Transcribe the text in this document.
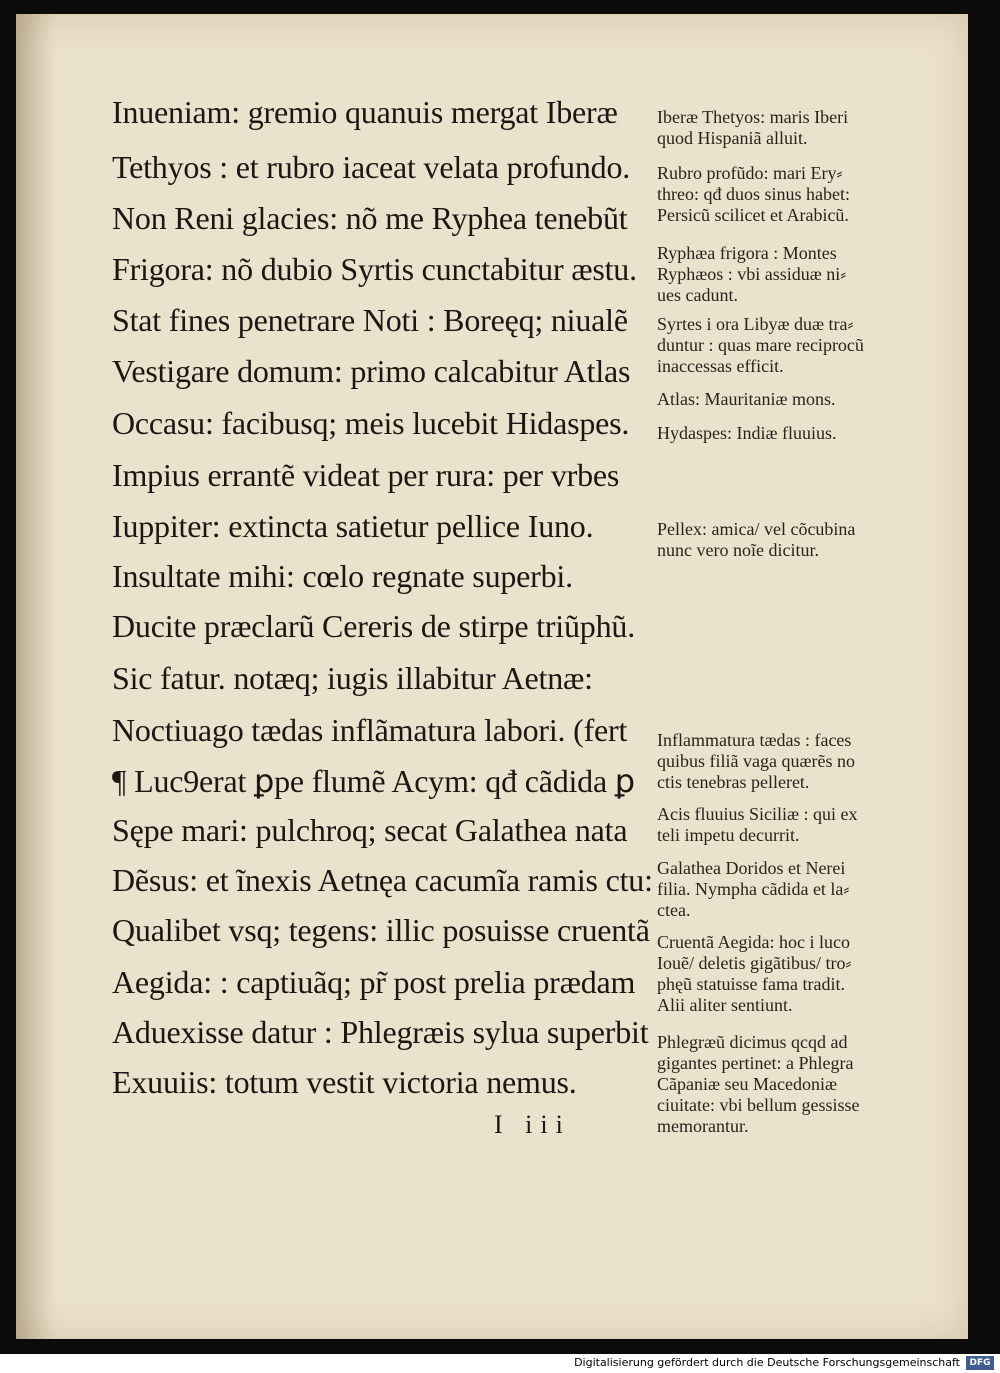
Inueniam: gremio quanuis mergat Iberæ
Tethyos : et rubro iaceat velata profundo.
Non Reni glacies: nõ me Ryphea tenebũt
Frigora: nõ dubio Syrtis cunctabitur æstu.
Stat fines penetrare Noti : Boreęq; niualẽ
Vestigare domum: primo calcabitur Atlas
Occasu: facibusq; meis lucebit Hidaspes.
Impius errantẽ videat per rura: per vrbes
Iuppiter: extincta satietur pellice Iuno.
Insultate mihi: cœlo regnate superbi.
Ducite præclarũ Cereris de stirpe triũphũ.
Sic fatur. notæq; iugis illabitur Aetnæ:
Noctiuago tædas inflãmatura labori. (fert
¶ Luc9erat ꝑpe flumẽ Acym: qđ cãdida ꝑ
Sępe mari: pulchroq; secat Galathea nata
Dẽsus: et ĩnexis Aetnęa cacumĩa ramis ctu:
Qualibet vsq; tegens: illic posuisse cruentã
Aegida: : captiuãq; pr̃ post prelia prædam
Aduexisse datur : Phlegræis sylua superbit
Exuuiis: totum vestit victoria nemus.
Iberæ Thetyos: maris Iberi
quod Hispaniã alluit.
Rubro profũdo: mari Ery⸗
threo: qđ duos sinus habet:
Persicũ scilicet et Arabicũ.
Ryphæa frigora : Montes
Ryphæos : vbi assiduæ ni⸗
ues cadunt.
Syrtes i ora Libyæ duæ tra⸗
duntur : quas mare reciprocũ
inaccessas efficit.
Atlas: Mauritaniæ mons.
Hydaspes: Indiæ fluuius.
Pellex: amica/ vel cõcubina
nunc vero noĩe dicitur.
Inflammatura tædas : faces
quibus filiã vaga quærẽs no
ctis tenebras pelleret.
Acis fluuius Siciliæ : qui ex
teli impetu decurrit.
Galathea Doridos et Nerei
filia. Nympha cãdida et la⸗
ctea.
Cruentã Aegida: hoc i luco
Iouẽ/ deletis gigãtibus/ tro⸗
phęũ statuisse fama tradit.
Alii aliter sentiunt.
Phlegræũ dicimus qcqd ad
gigantes pertinet: a Phlegra
Cãpaniæ seu Macedoniæ
ciuitate: vbi bellum gessisse
memorantur.
I iii
Digitalisierung gefördert durch die Deutsche Forschungsgemeinschaft	DFG
